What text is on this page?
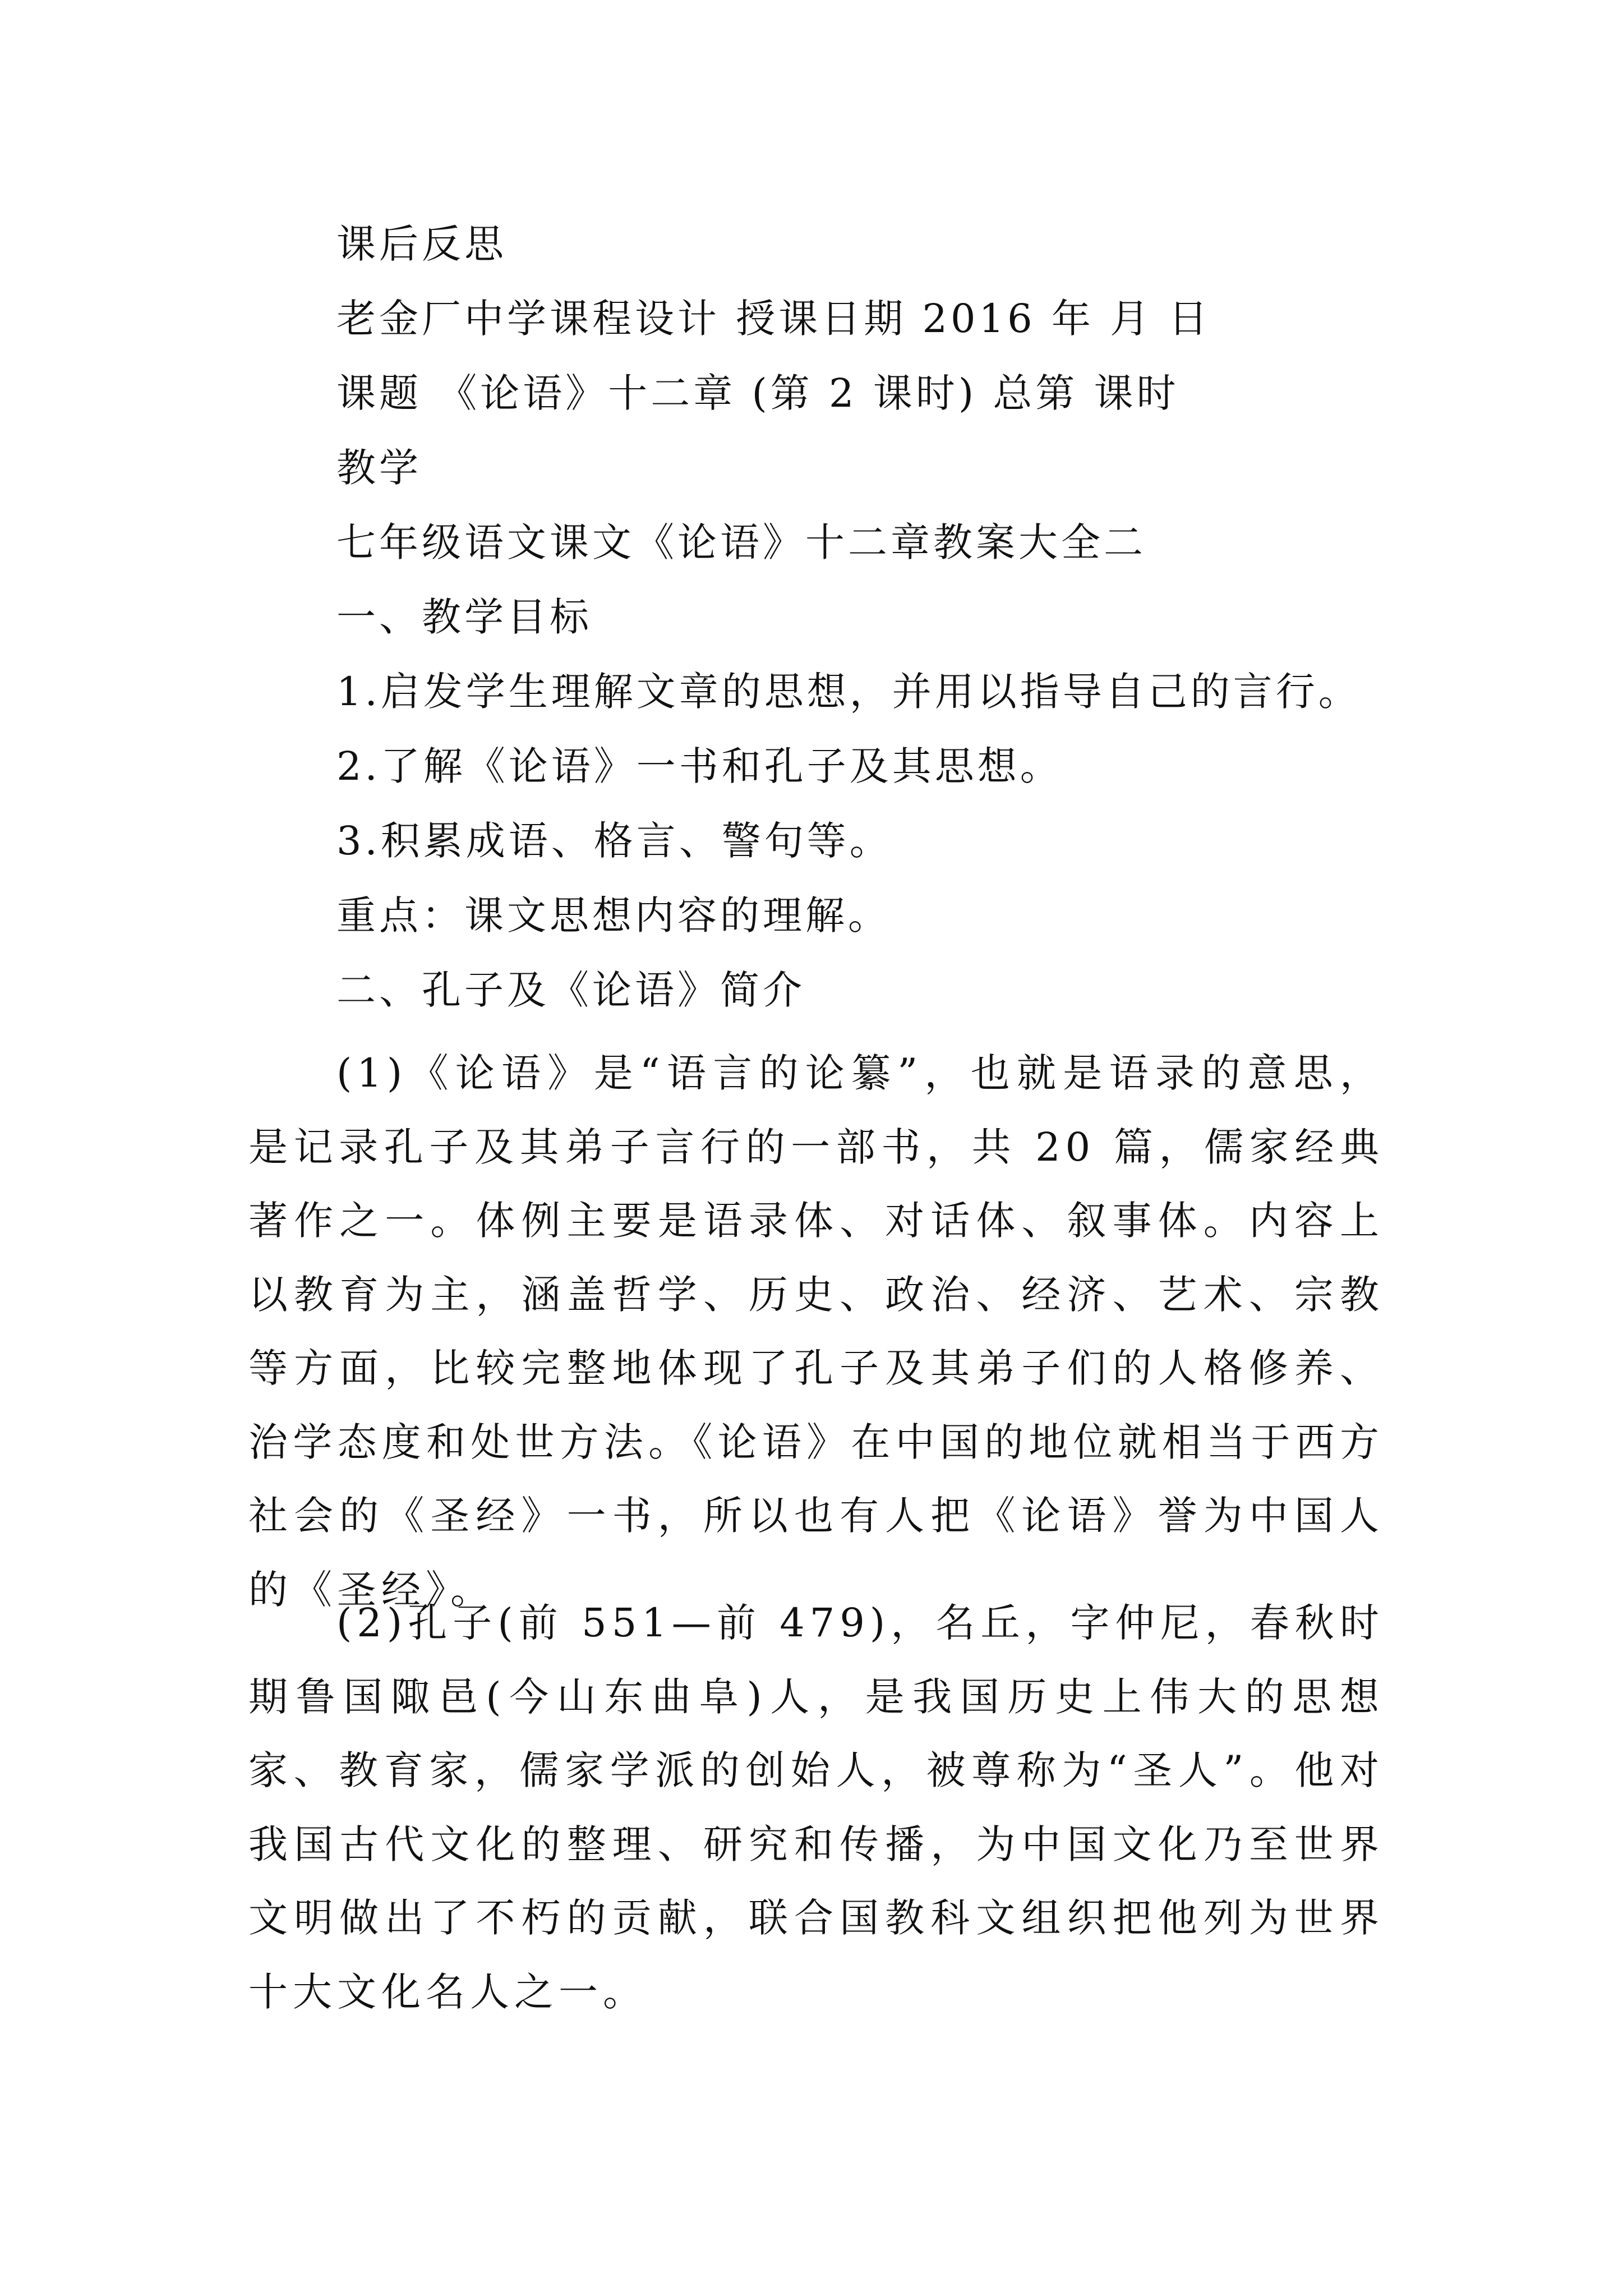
课后反思

老金厂中学课程设计 授课日期 2016 年 月 日

课题 《论语》十二章 (第 2 课时) 总第 课时

教学

七年级语文课文《论语》十二章教案大全二

一、教学目标

1.启发学生理解文章的思想，并用以指导自己的言行。

2.了解《论语》一书和孔子及其思想。

3.积累成语、格言、警句等。

重点：课文思想内容的理解。

二、孔子及《论语》简介

(1)《论语》是“语言的论纂”，也就是语录的意思，是记录孔子及其弟子言行的一部书，共 20 篇，儒家经典著作之一。体例主要是语录体、对话体、叙事体。内容上以教育为主，涵盖哲学、历史、政治、经济、艺术、宗教等方面，比较完整地体现了孔子及其弟子们的人格修养、治学态度和处世方法。《论语》在中国的地位就相当于西方社会的《圣经》一书，所以也有人把《论语》誉为中国人的《圣经》。

(2)孔子(前 551—前 479)，名丘，字仲尼，春秋时期鲁国陬邑(今山东曲阜)人，是我国历史上伟大的思想家、教育家，儒家学派的创始人，被尊称为“圣人”。他对我国古代文化的整理、研究和传播，为中国文化乃至世界文明做出了不朽的贡献，联合国教科文组织把他列为世界十大文化名人之一。
